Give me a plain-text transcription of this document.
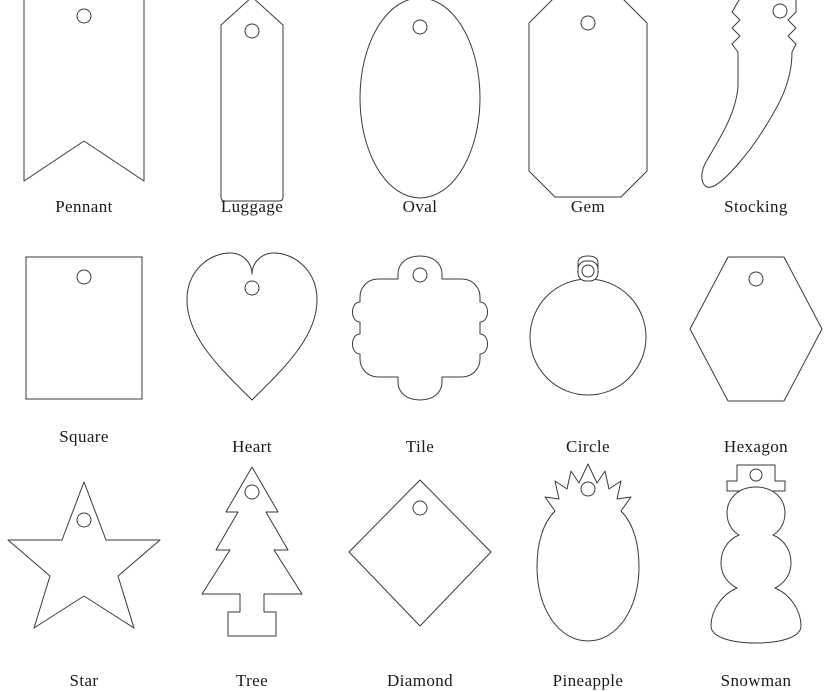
Pennant	Luggage	Oval	Gem	Stocking
Square
Heart	Tile	Circle	Hexagon
Star	Tree	Diamond	Pineapple	Snowman
